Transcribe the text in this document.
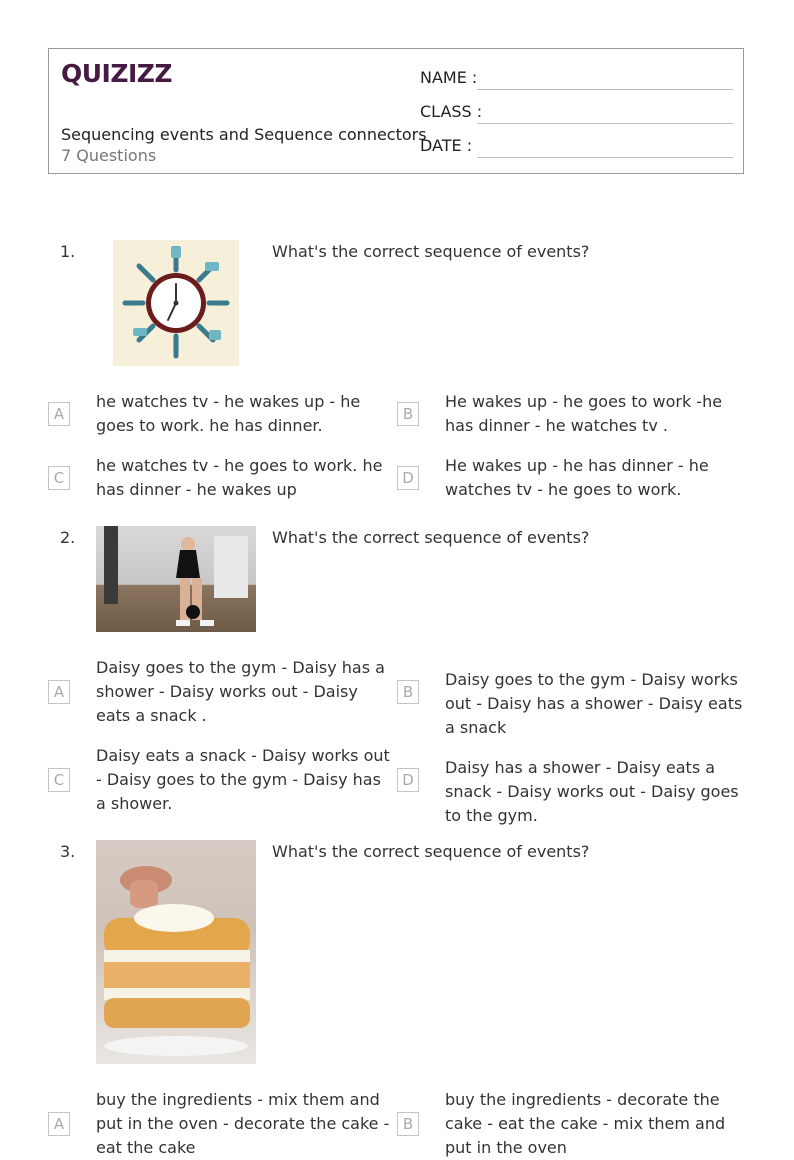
QUIZIZZ
Sequencing events and Sequence connectors
7 Questions
NAME :
CLASS :
DATE :
1.	What's the correct sequence of events?
A
he watches tv - he wakes up - he goes to work. he has dinner.
B
He wakes up - he goes to work -he has dinner - he watches tv .
C
he watches tv - he goes to work. he has dinner - he wakes up
D
He wakes up - he has dinner - he watches tv - he goes to work.
2.	What's the correct sequence of events?
A
Daisy goes to the gym - Daisy has a shower - Daisy works out - Daisy eats a snack .
B
Daisy goes to the gym - Daisy works out - Daisy has a shower - Daisy eats a snack
C
Daisy eats a snack - Daisy works out - Daisy goes to the gym - Daisy has a shower.
D
Daisy has a shower - Daisy eats a snack - Daisy works out - Daisy goes to the gym.
3.	What's the correct sequence of events?
A
buy the ingredients - mix them and put in the oven - decorate the cake - eat the cake
B
buy the ingredients - decorate the cake - eat the cake - mix them and put in the oven
